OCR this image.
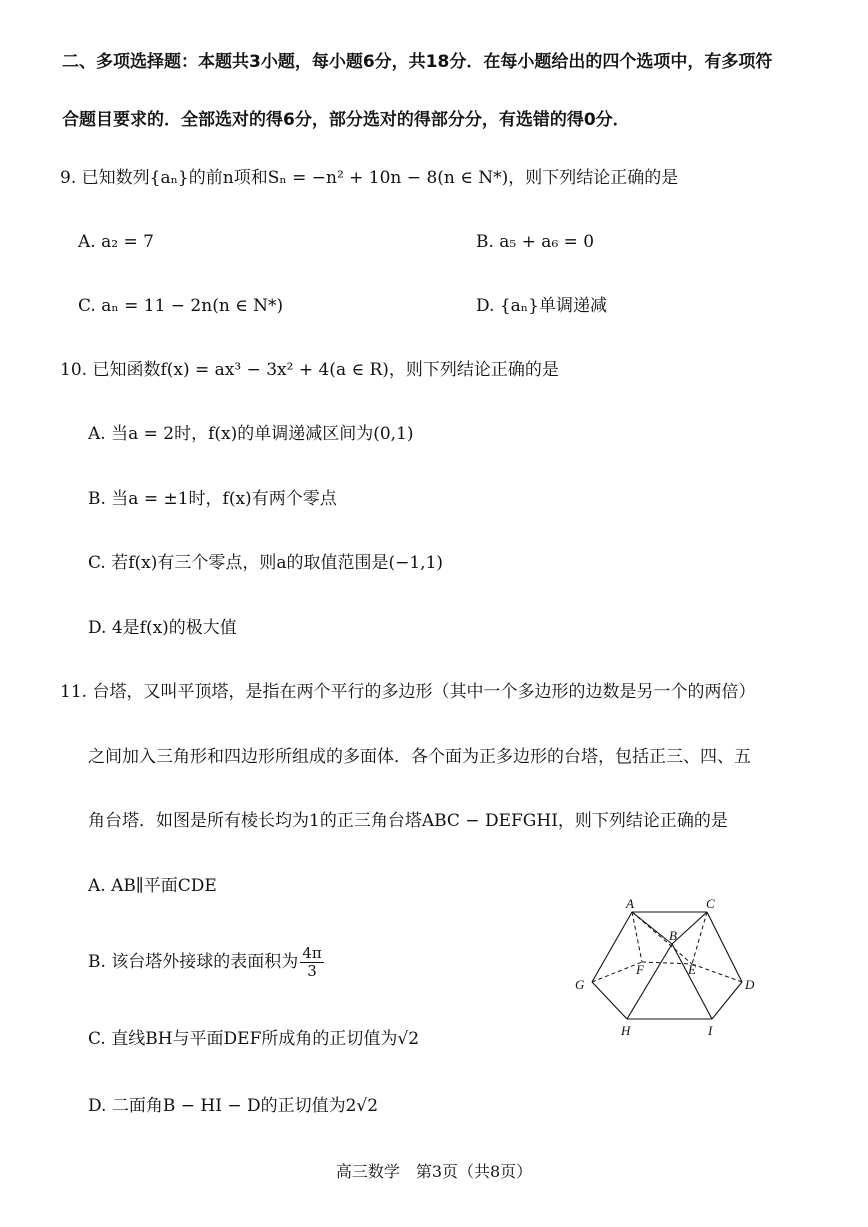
二、多项选择题：本题共3小题，每小题6分，共18分．在每小题给出的四个选项中，有多项符
合题目要求的．全部选对的得6分，部分选对的得部分分，有选错的得0分．
9. 已知数列{aₙ}的前n项和Sₙ = −n² + 10n − 8(n ∈ N*)，则下列结论正确的是
A. a₂ = 7	B. a₅ + a₆ = 0
C. aₙ = 11 − 2n(n ∈ N*)	D. {aₙ}单调递减
10. 已知函数f(x) = ax³ − 3x² + 4(a ∈ R)，则下列结论正确的是
A. 当a = 2时，f(x)的单调递减区间为(0,1)
B. 当a = ±1时，f(x)有两个零点
C. 若f(x)有三个零点，则a的取值范围是(−1,1)
D. 4是f(x)的极大值
11. 台塔，又叫平顶塔，是指在两个平行的多边形（其中一个多边形的边数是另一个的两倍）
之间加入三角形和四边形所组成的多面体．各个面为正多边形的台塔，包括正三、四、五
角台塔．如图是所有棱长均为1的正三角台塔ABC − DEFGHI，则下列结论正确的是
A. AB∥平面CDE
B. 该台塔外接球的表面积为 $\frac{4\pi}{3}$
C. 直线BH与平面DEF所成角的正切值为√2
D. 二面角B − HI − D的正切值为2√2
A	C
B
F	E
G	D
H	I
高三数学　第3页（共8页）
